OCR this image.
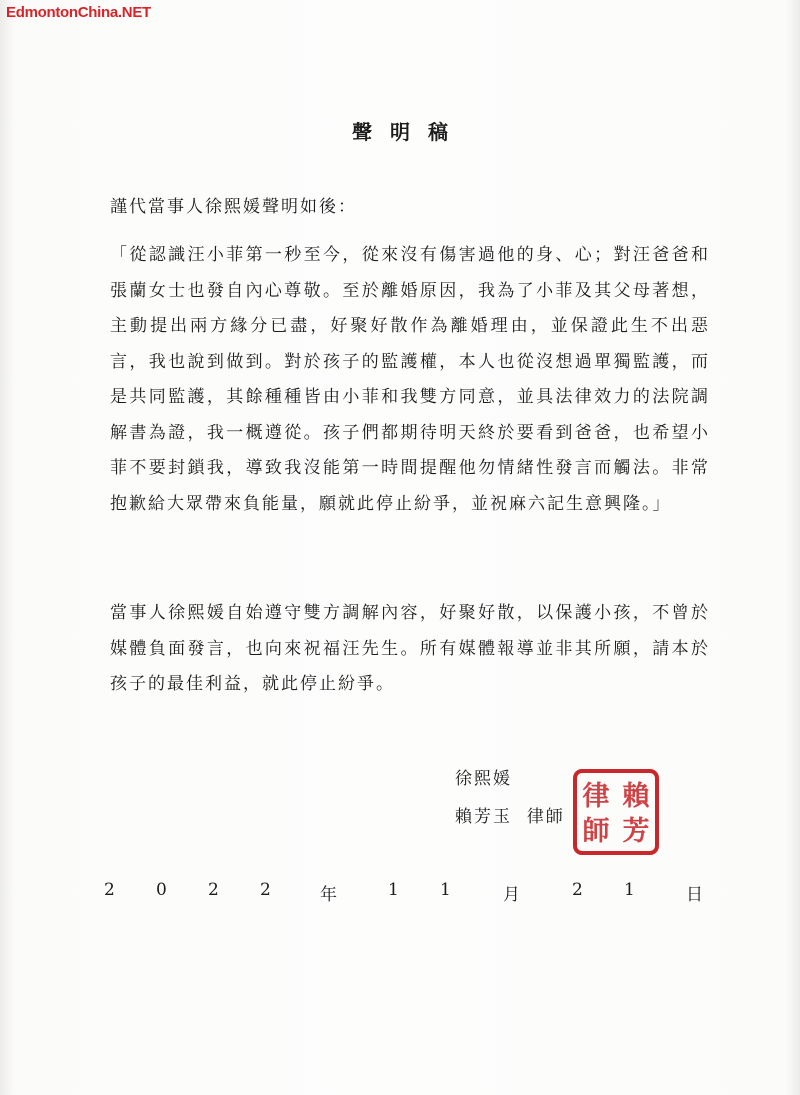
EdmontonChina.NET
聲明稿
謹代當事人徐熙媛聲明如後：

「從認識汪小菲第一秒至今，從來沒有傷害過他的身、心；對汪爸爸和張蘭女士也發自內心尊敬。至於離婚原因，我為了小菲及其父母著想，主動提出兩方緣分已盡，好聚好散作為離婚理由，並保證此生不出惡言，我也說到做到。對於孩子的監護權，本人也從沒想過單獨監護，而是共同監護，其餘種種皆由小菲和我雙方同意，並具法律效力的法院調解書為證，我一概遵從。孩子們都期待明天終於要看到爸爸，也希望小菲不要封鎖我，導致我沒能第一時間提醒他勿情緒性發言而觸法。非常抱歉給大眾帶來負能量，願就此停止紛爭，並祝麻六記生意興隆。」

當事人徐熙媛自始遵守雙方調解內容，好聚好散，以保護小孩，不曾於媒體負面發言，也向來祝福汪先生。所有媒體報導並非其所願，請本於孩子的最佳利益，就此停止紛爭。

徐熙媛
賴芳玉 律師
賴
芳
律
師
2 0 2 2	年	1 1	月	2 1	日
